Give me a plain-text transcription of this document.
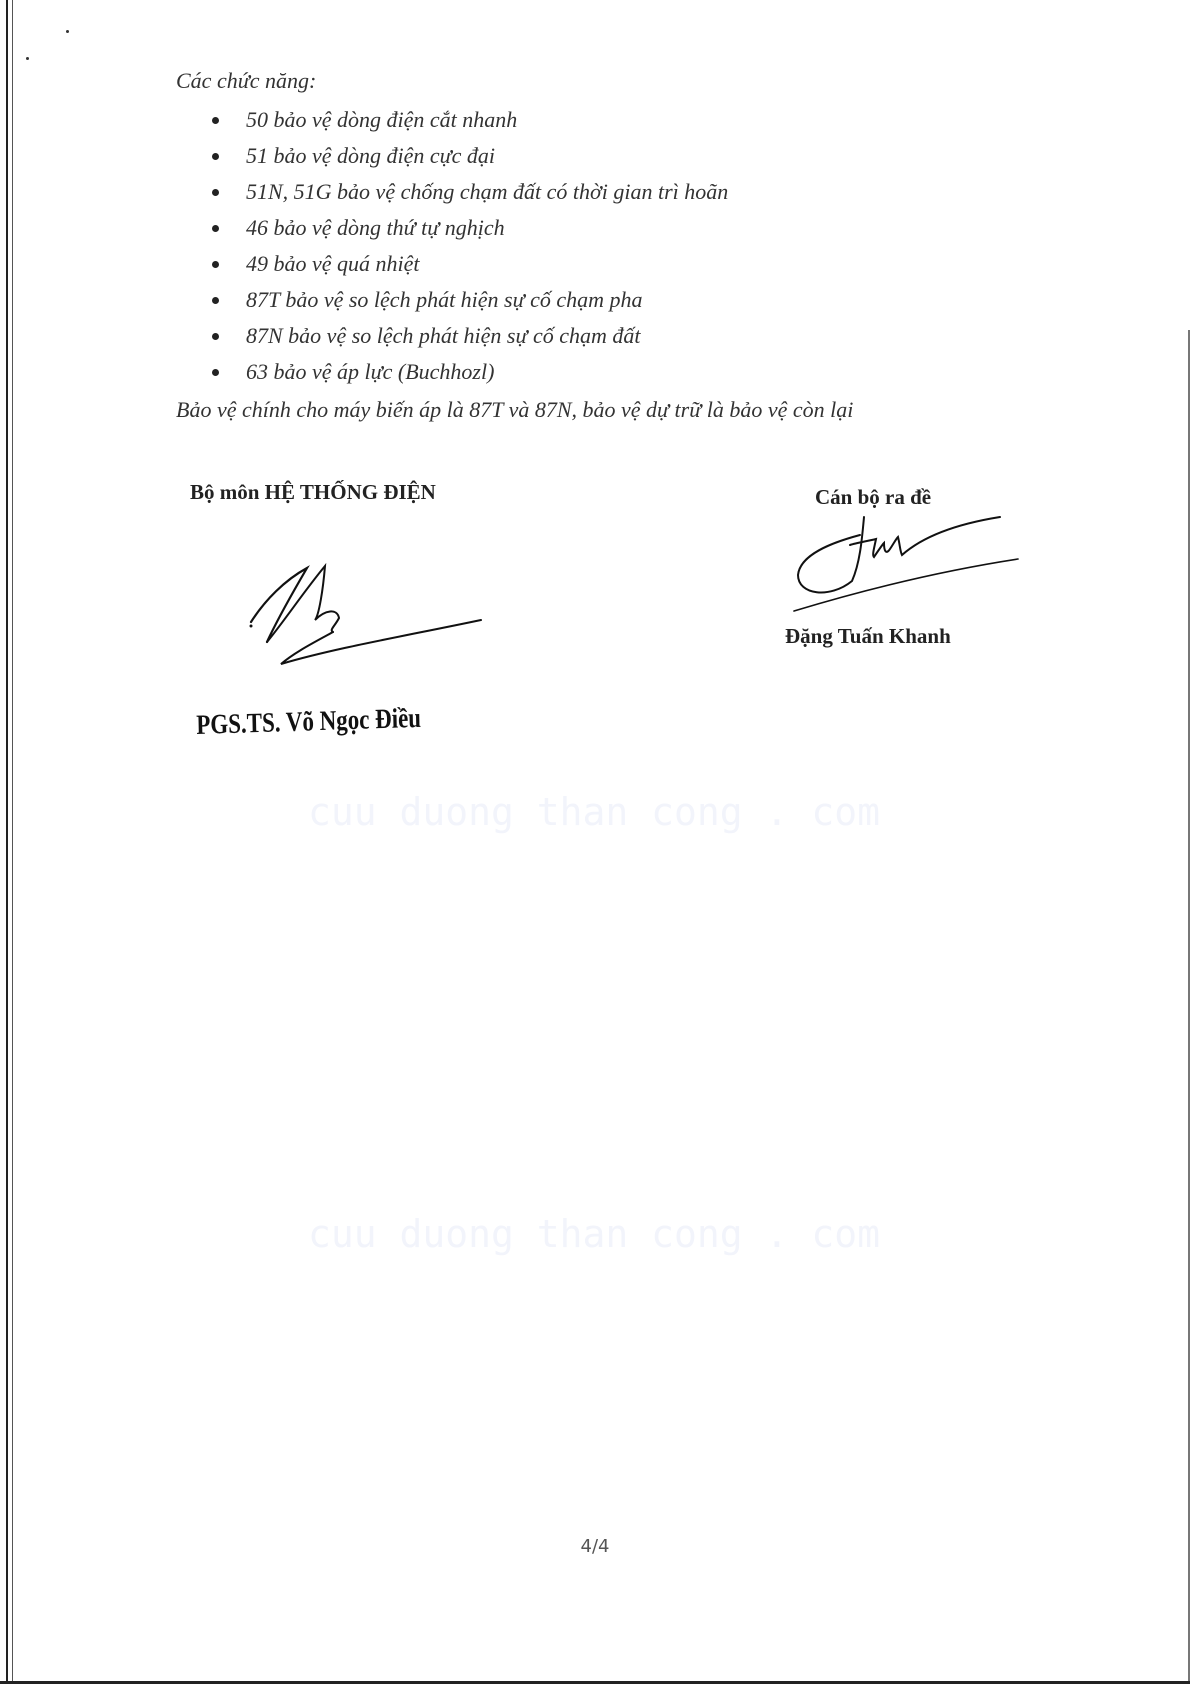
Các chức năng:

50 bảo vệ dòng điện cắt nhanh
51 bảo vệ dòng điện cực đại
51N, 51G bảo vệ chống chạm đất có thời gian trì hoãn
46 bảo vệ dòng thứ tự nghịch
49 bảo vệ quá nhiệt
87T bảo vệ so lệch phát hiện sự cố chạm pha
87N bảo vệ so lệch phát hiện sự cố chạm đất
63 bảo vệ áp lực (Buchhozl)

Bảo vệ chính cho máy biến áp là 87T và 87N, bảo vệ dự trữ là bảo vệ còn lại

Bộ môn HỆ THỐNG ĐIỆN
PGS.TS. Võ Ngọc Điều
Cán bộ ra đề
Đặng Tuấn Khanh
cuu duong than cong . com
cuu duong than cong . com
4/4
